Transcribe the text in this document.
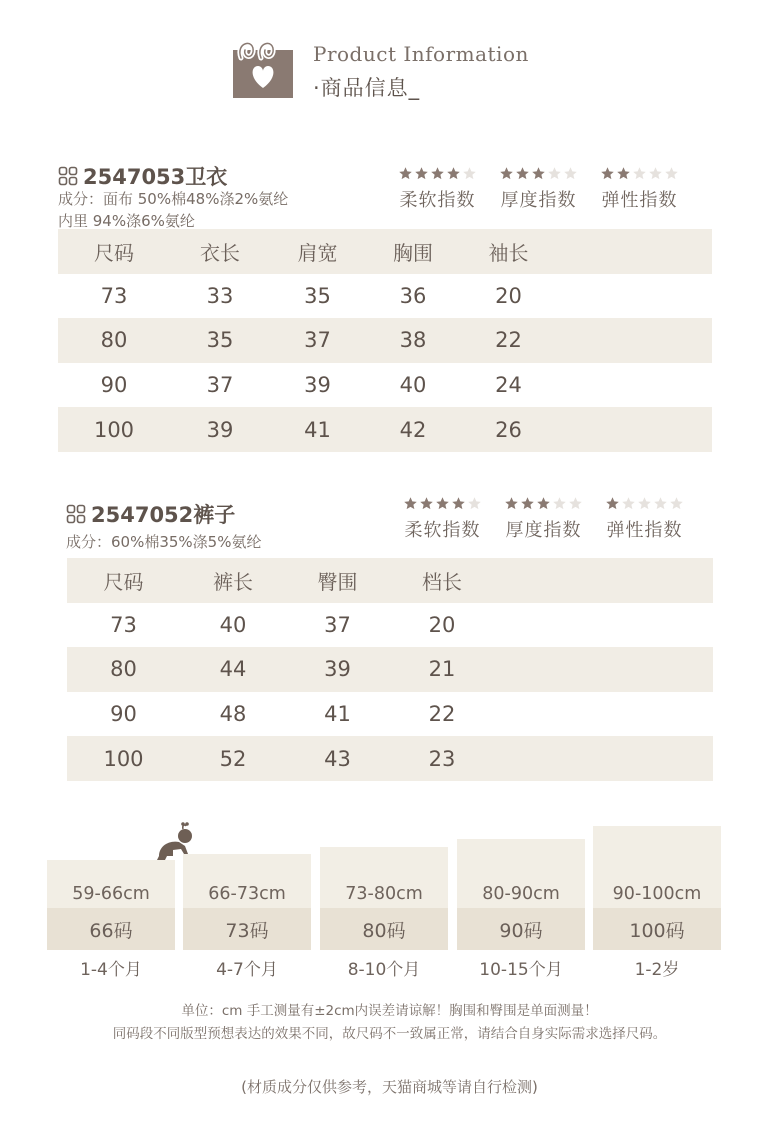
Product Information
·商品信息_
2547053卫衣
成分：面布 50%棉48%涤2%氨纶
内里 94%涤6%氨纶
柔软指数 厚度指数 弹性指数
尺码	衣长	肩宽	胸围	袖长	
73	33	35	36	20	
80	35	37	38	22	
90	37	39	40	24	
100	39	41	42	26	
2547052裤子
成分：60%棉35%涤5%氨纶
柔软指数 厚度指数 弹性指数
尺码	裤长	臀围	档长	
73	40	37	20	
80	44	39	21	
90	48	41	22	
100	52	43	23	
59-66cm
66码
1-4个月
66-73cm
73码
4-7个月
73-80cm
80码
8-10个月
80-90cm
90码
10-15个月
90-100cm
100码
1-2岁
单位：cm 手工测量有±2cm内误差请谅解！胸围和臀围是单面测量！
同码段不同版型预想表达的效果不同，故尺码不一致属正常，请结合自身实际需求选择尺码。
(材质成分仅供参考，天猫商城等请自行检测)
